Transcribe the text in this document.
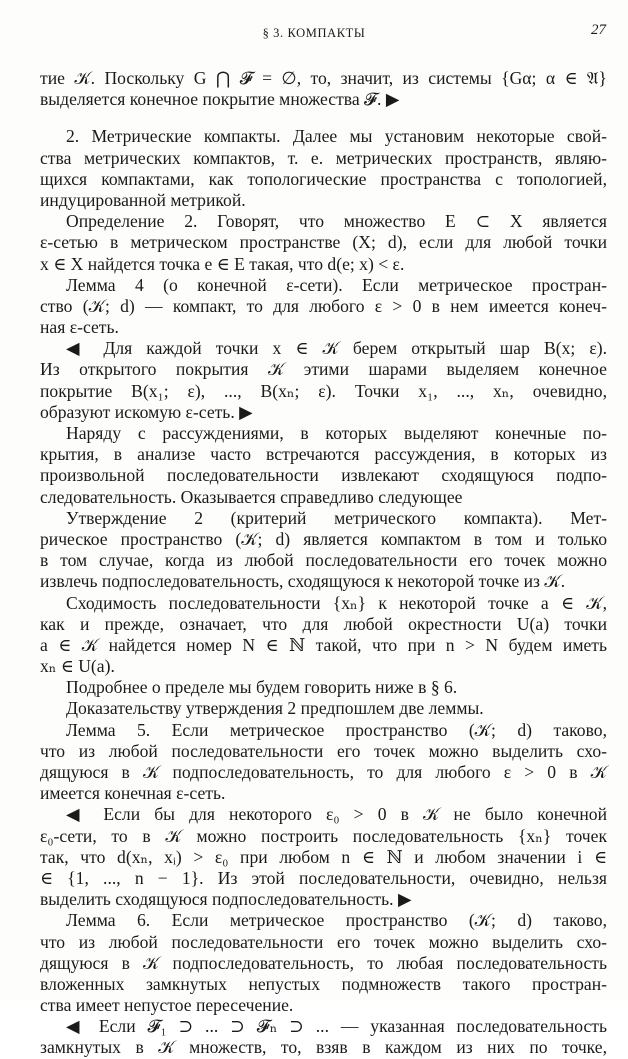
§ 3. КОМПАКТЫ	27
тие 𝒦. Поскольку G ⋂ 𝓕 = ∅, то, значит, из системы {Gα; α ∈ 𝔄}
выделяется конечное покрытие множества 𝓕. ▶
2. Метрические компакты. Далее мы установим некоторые свой-
ства метрических компактов, т. е. метрических пространств, являю-
щихся компактами, как топологические пространства с топологией,
индуцированной метрикой.
Определение 2. Говорят, что множество E ⊂ X является
ε-сетью в метрическом пространстве (X; d), если для любой точки
x ∈ X найдется точка e ∈ E такая, что d(e; x) < ε.
Лемма 4 (о конечной ε-сети). Если метрическое простран-
ство (𝒦; d) — компакт, то для любого ε > 0 в нем имеется конеч-
ная ε-сеть.
◀ Для каждой точки x ∈ 𝒦 берем открытый шар B(x; ε).
Из открытого покрытия 𝒦 этими шарами выделяем конечное
покрытие B(x₁; ε), ..., B(xₙ; ε). Точки x₁, ..., xₙ, очевидно,
образуют искомую ε-сеть. ▶
Наряду с рассуждениями, в которых выделяют конечные по-
крытия, в анализе часто встречаются рассуждения, в которых из
произвольной последовательности извлекают сходящуюся подпо-
следовательность. Оказывается справедливо следующее
Утверждение 2 (критерий метрического компакта). Мет-
рическое пространство (𝒦; d) является компактом в том и только
в том случае, когда из любой последовательности его точек можно
извлечь подпоследовательность, сходящуюся к некоторой точке из 𝒦.
Сходимость последовательности {xₙ} к некоторой точке a ∈ 𝒦,
как и прежде, означает, что для любой окрестности U(a) точки
a ∈ 𝒦 найдется номер N ∈ ℕ такой, что при n > N будем иметь
xₙ ∈ U(a).
Подробнее о пределе мы будем говорить ниже в § 6.
Доказательству утверждения 2 предпошлем две леммы.
Лемма 5. Если метрическое пространство (𝒦; d) таково,
что из любой последовательности его точек можно выделить схо-
дящуюся в 𝒦 подпоследовательность, то для любого ε > 0 в 𝒦
имеется конечная ε-сеть.
◀ Если бы для некоторого ε₀ > 0 в 𝒦 не было конечной
ε₀-сети, то в 𝒦 можно построить последовательность {xₙ} точек
так, что d(xₙ, xᵢ) > ε₀ при любом n ∈ ℕ и любом значении i ∈
∈ {1, ..., n − 1}. Из этой последовательности, очевидно, нельзя
выделить сходящуюся подпоследовательность. ▶
Лемма 6. Если метрическое пространство (𝒦; d) таково,
что из любой последовательности его точек можно выделить схо-
дящуюся в 𝒦 подпоследовательность, то любая последовательность
вложенных замкнутых непустых подмножеств такого простран-
ства имеет непустое пересечение.
◀ Если 𝓕₁ ⊃ ... ⊃ 𝓕ₙ ⊃ ... — указанная последовательность
замкнутых в 𝒦 множеств, то, взяв в каждом из них по точке,
